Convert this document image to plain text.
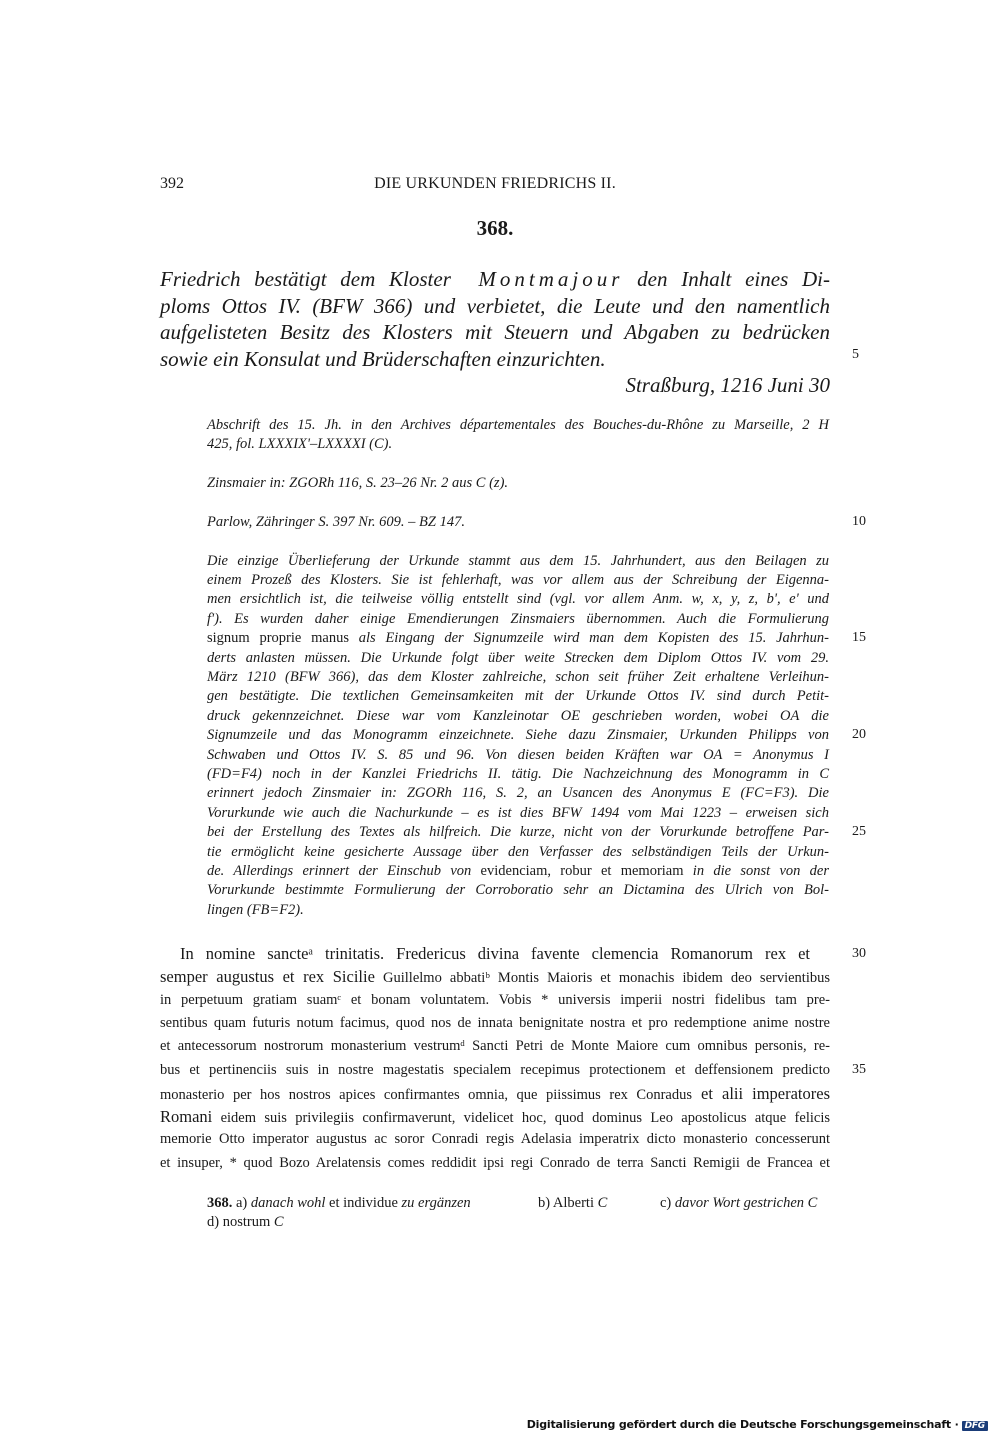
392	DIE URKUNDEN FRIEDRICHS II.
368.
Friedrich bestätigt dem Kloster Montmajour den Inhalt eines Di-
ploms Ottos IV. (BFW 366) und verbietet, die Leute und den namentlich
aufgelisteten Besitz des Klosters mit Steuern und Abgaben zu bedrücken
sowie ein Konsulat und Brüderschaften einzurichten.
Straßburg, 1216 Juni 30
Abschrift des 15. Jh. in den Archives départementales des Bouches-du-Rhône zu Marseille, 2 H
425, fol. LXXXIX'–LXXXXI (C).
Zinsmaier in: ZGORh 116, S. 23–26 Nr. 2 aus C (z).
Parlow, Zähringer S. 397 Nr. 609. – BZ 147.
Die einzige Überlieferung der Urkunde stammt aus dem 15. Jahrhundert, aus den Beilagen zu
einem Prozeß des Klosters. Sie ist fehlerhaft, was vor allem aus der Schreibung der Eigenna-
men ersichtlich ist, die teilweise völlig entstellt sind (vgl. vor allem Anm. w, x, y, z, b', e' und
f'). Es wurden daher einige Emendierungen Zinsmaiers übernommen. Auch die Formulierung
signum proprie manus als Eingang der Signumzeile wird man dem Kopisten des 15. Jahrhun-
derts anlasten müssen. Die Urkunde folgt über weite Strecken dem Diplom Ottos IV. vom 29.
März 1210 (BFW 366), das dem Kloster zahlreiche, schon seit früher Zeit erhaltene Verleihun-
gen bestätigte. Die textlichen Gemeinsamkeiten mit der Urkunde Ottos IV. sind durch Petit-
druck gekennzeichnet. Diese war vom Kanzleinotar OE geschrieben worden, wobei OA die
Signumzeile und das Monogramm einzeichnete. Siehe dazu Zinsmaier, Urkunden Philipps von
Schwaben und Ottos IV. S. 85 und 96. Von diesen beiden Kräften war OA = Anonymus I
(FD=F4) noch in der Kanzlei Friedrichs II. tätig. Die Nachzeichnung des Monogramm in C
erinnert jedoch Zinsmaier in: ZGORh 116, S. 2, an Usancen des Anonymus E (FC=F3). Die
Vorurkunde wie auch die Nachurkunde – es ist dies BFW 1494 vom Mai 1223 – erweisen sich
bei der Erstellung des Textes als hilfreich. Die kurze, nicht von der Vorurkunde betroffene Par-
tie ermöglicht keine gesicherte Aussage über den Verfasser des selbständigen Teils der Urkun-
de. Allerdings erinnert der Einschub von evidenciam, robur et memoriam in die sonst von der
Vorurkunde bestimmte Formulierung der Corroboratio sehr an Dictamina des Ulrich von Bol-
lingen (FB=F2).
In nomine sancteᵃ trinitatis. Fredericus divina favente clemencia Romanorum rex et
semper augustus et rex Sicilie Guillelmo abbatiᵇ Montis Maioris et monachis ibidem deo servientibus
in perpetuum gratiam suamᶜ et bonam voluntatem. Vobis * universis imperii nostri fidelibus tam pre-
sentibus quam futuris notum facimus, quod nos de innata benignitate nostra et pro redemptione anime nostre
et antecessorum nostrorum monasterium vestrumᵈ Sancti Petri de Monte Maiore cum omnibus personis, re-
bus et pertinenciis suis in nostre magestatis specialem recepimus protectionem et deffensionem predicto
monasterio per hos nostros apices confirmantes omnia, que piissimus rex Conradus et alii imperatores
Romani eidem suis privilegiis confirmaverunt, videlicet hoc, quod dominus Leo apostolicus atque felicis
memorie Otto imperator augustus ac soror Conradi regis Adelasia imperatrix dicto monasterio concesserunt
et insuper, * quod Bozo Arelatensis comes reddidit ipsi regi Conrado de terra Sancti Remigii de Francea et
5
10
15
20
25
30
35
368. a) danach wohl et individue zu ergänzen	b) Alberti C	c) davor Wort gestrichen C
d) nostrum C
Digitalisierung gefördert durch die Deutsche Forschungsgemeinschaft · DFG
